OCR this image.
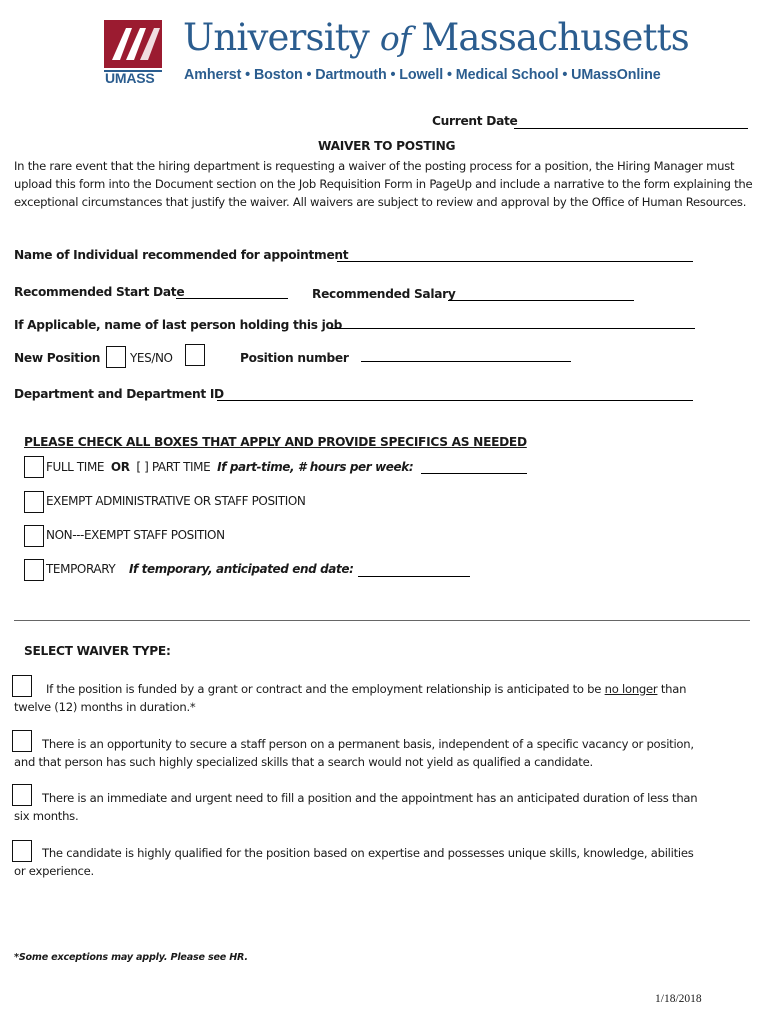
UMASS
University of Massachusetts
Amherst • Boston • Dartmouth • Lowell • Medical School • UMassOnline
Current Date
WAIVER TO POSTING
In the rare event that the hiring department is requesting a waiver of the posting process for a position, the Hiring Manager must upload this form into the Document section on the Job Requisition Form in PageUp and include a narrative to the form explaining the exceptional circumstances that justify the waiver. All waivers are subject to review and approval by the Office of Human Resources.
Name of Individual recommended for appointment
Recommended Start Date	Recommended Salary
If Applicable, name of last person holding this job
New Position YES/NO	Position number
Department and Department ID
PLEASE CHECK ALL BOXES THAT APPLY AND PROVIDE SPECIFICS AS NEEDED
FULL TIME OR [ ] PART TIME If part-time, # hours per week:
EXEMPT ADMINISTRATIVE OR STAFF POSITION
NON---EXEMPT STAFF POSITION
TEMPORARY If temporary, anticipated end date:
SELECT WAIVER TYPE:
If the position is funded by a grant or contract and the employment relationship is anticipated to be no longer than
twelve (12) months in duration.*
There is an opportunity to secure a staff person on a permanent basis, independent of a specific vacancy or position,
and that person has such highly specialized skills that a search would not yield as qualified a candidate.
There is an immediate and urgent need to fill a position and the appointment has an anticipated duration of less than
six months.
The candidate is highly qualified for the position based on expertise and possesses unique skills, knowledge, abilities
or experience.
*Some exceptions may apply. Please see HR.
1/18/2018
